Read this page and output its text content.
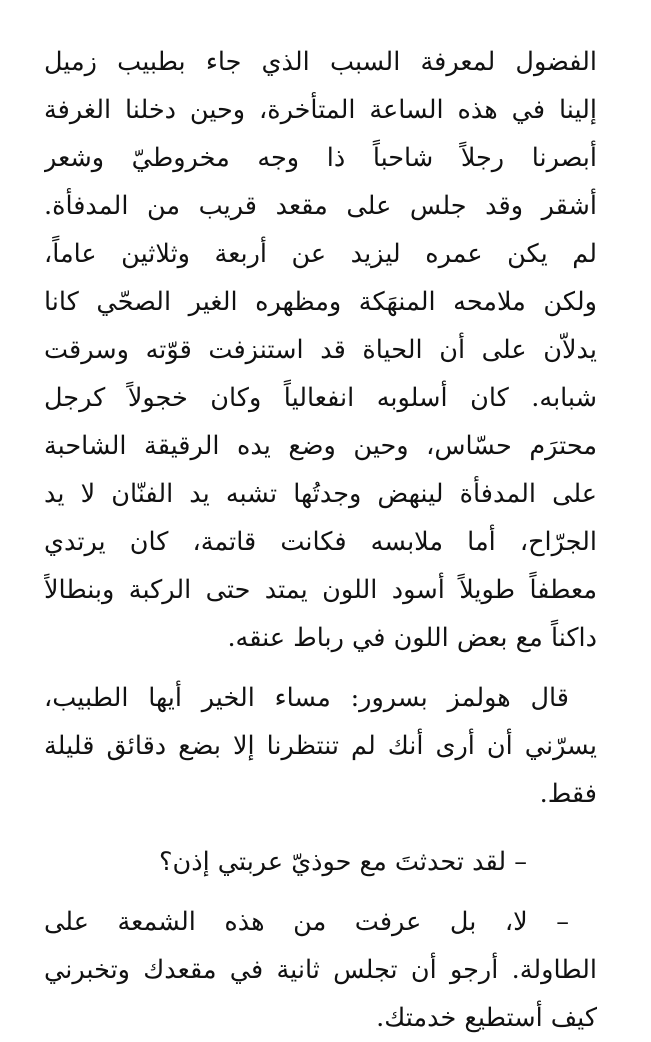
الفضول لمعرفة السبب الذي جاء بطبيب زميل
إلينا في هذه الساعة المتأخرة، وحين دخلنا الغرفة
أبصرنا رجلاً شاحباً ذا وجه مخروطيّ وشعر
أشقر وقد جلس على مقعد قريب من المدفأة.
لم يكن عمره ليزيد عن أربعة وثلاثين عاماً،
ولكن ملامحه المنهَكة ومظهره الغير الصحّي كانا
يدلاّن على أن الحياة قد استنزفت قوّته وسرقت
شبابه. كان أسلوبه انفعالياً وكان خجولاً كرجل
محترَم حسّاس، وحين وضع يده الرقيقة الشاحبة
على المدفأة لينهض وجدتُها تشبه يد الفنّان لا يد
الجرّاح، أما ملابسه فكانت قاتمة، كان يرتدي
معطفاً طويلاً أسود اللون يمتد حتى الركبة وبنطالاً
داكناً مع بعض اللون في رباط عنقه.
قال هولمز بسرور: مساء الخير أيها الطبيب،
يسرّني أن أرى أنك لم تنتظرنا إلا بضع دقائق قليلة
فقط.
– لقد تحدثتَ مع حوذيّ عربتي إذن؟
– لا، بل عرفت من هذه الشمعة على
الطاولة. أرجو أن تجلس ثانية في مقعدك وتخبرني
كيف أستطيع خدمتك.
